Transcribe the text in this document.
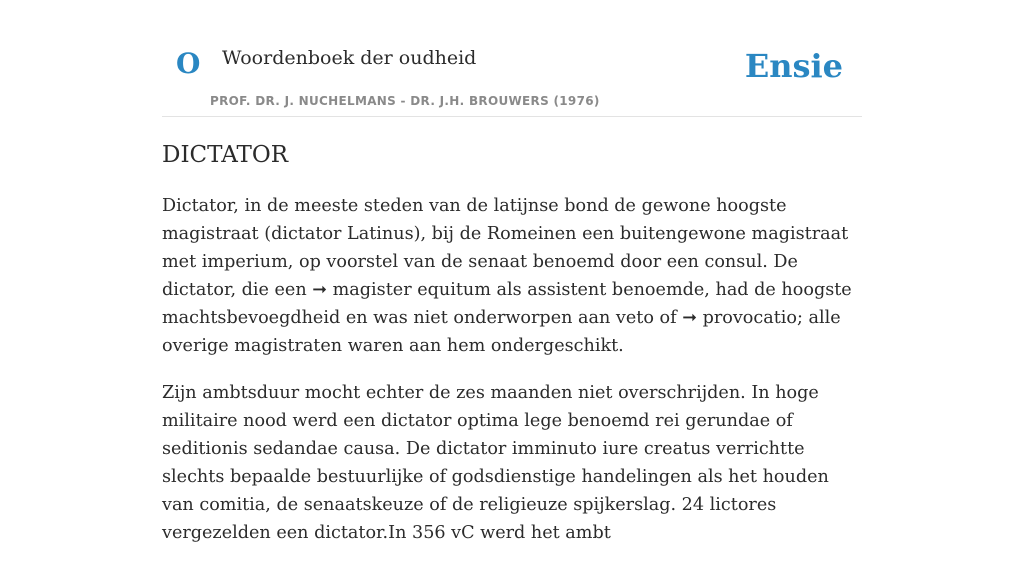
O Woordenboek der oudheid
PROF. DR. J. NUCHELMANS - DR. J.H. BROUWERS (1976)
Ensie
DICTATOR

Dictator, in de meeste steden van de latijnse bond de gewone hoogste magistraat (dictator Latinus), bij de Romeinen een buitengewone magistraat met imperium, op voorstel van de senaat benoemd door een consul. De dictator, die een ➞ magister equitum als assistent benoemde, had de hoogste machtsbevoegdheid en was niet onderworpen aan veto of ➞ provocatio; alle overige magistraten waren aan hem ondergeschikt.

Zijn ambtsduur mocht echter de zes maanden niet overschrijden. In hoge militaire nood werd een dictator optima lege benoemd rei gerundae of seditionis sedandae causa. De dictator imminuto iure creatus verrichtte slechts bepaalde bestuurlijke of godsdienstige handelingen als het houden van comitia, de senaatskeuze of de religieuze spijkerslag. 24 lictores vergezelden een dictator.In 356 vC werd het ambt
